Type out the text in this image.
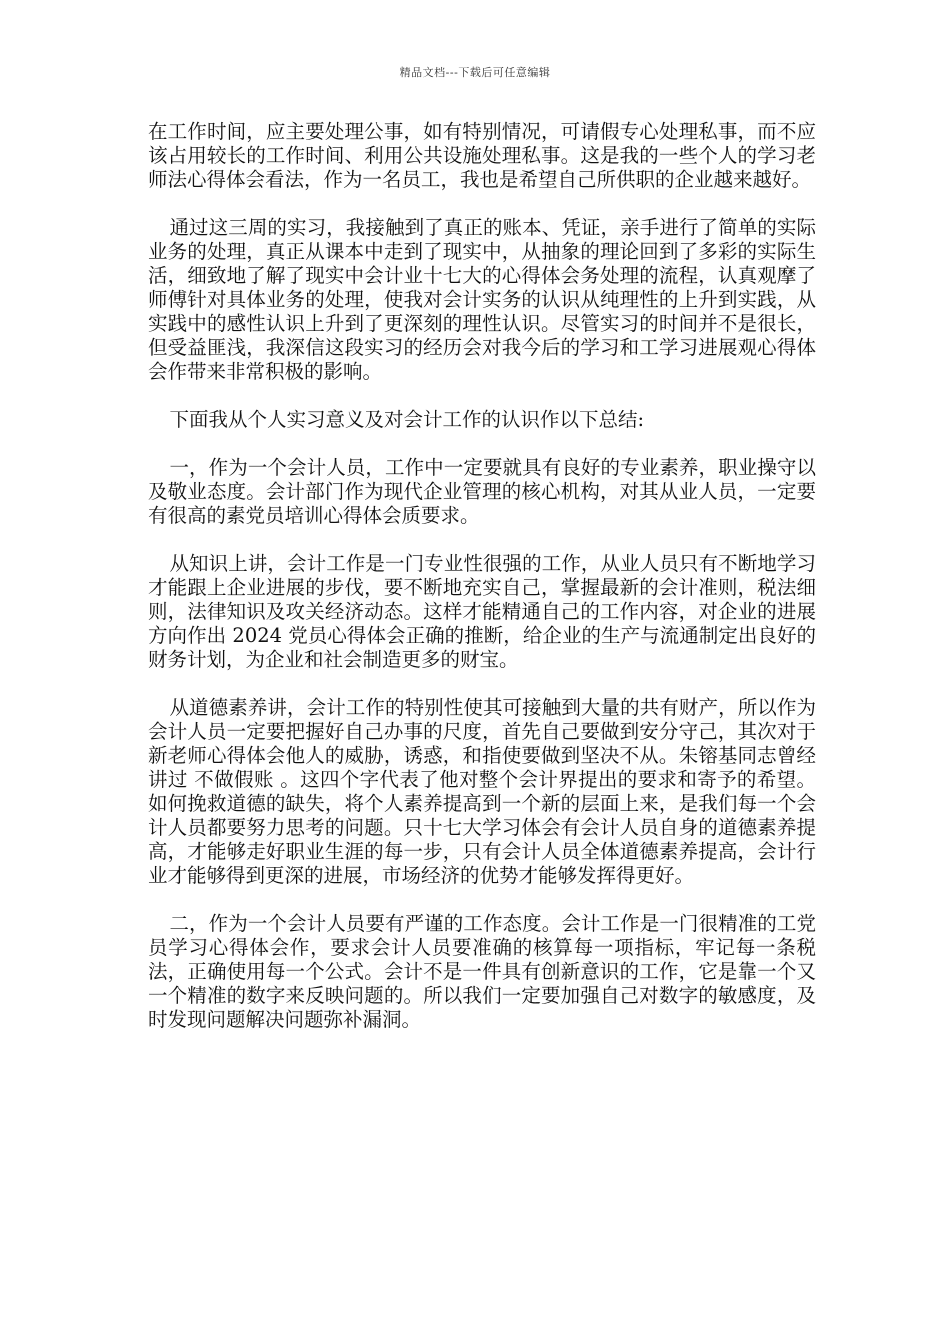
精品文档---下载后可任意编辑

在工作时间，应主要处理公事，如有特别情况，可请假专心处理私事，而不应该占用较长的工作时间、利用公共设施处理私事。这是我的一些个人的学习老师法心得体会看法，作为一名员工，我也是希望自己所供职的企业越来越好。

通过这三周的实习，我接触到了真正的账本、凭证，亲手进行了简单的实际业务的处理，真正从课本中走到了现实中，从抽象的理论回到了多彩的实际生活，细致地了解了现实中会计业十七大的心得体会务处理的流程，认真观摩了师傅针对具体业务的处理，使我对会计实务的认识从纯理性的上升到实践，从实践中的感性认识上升到了更深刻的理性认识。尽管实习的时间并不是很长，但受益匪浅，我深信这段实习的经历会对我今后的学习和工学习进展观心得体会作带来非常积极的影响。

下面我从个人实习意义及对会计工作的认识作以下总结:

一，作为一个会计人员，工作中一定要就具有良好的专业素养，职业操守以及敬业态度。会计部门作为现代企业管理的核心机构，对其从业人员，一定要有很高的素党员培训心得体会质要求。

从知识上讲，会计工作是一门专业性很强的工作，从业人员只有不断地学习才能跟上企业进展的步伐，要不断地充实自己，掌握最新的会计准则，税法细则，法律知识及攻关经济动态。这样才能精通自己的工作内容，对企业的进展方向作出 2024 党员心得体会正确的推断，给企业的生产与流通制定出良好的财务计划，为企业和社会制造更多的财宝。

从道德素养讲，会计工作的特别性使其可接触到大量的共有财产，所以作为会计人员一定要把握好自己办事的尺度，首先自己要做到安分守己，其次对于新老师心得体会他人的威胁，诱惑，和指使要做到坚决不从。朱镕基同志曾经讲过 不做假账 。这四个字代表了他对整个会计界提出的要求和寄予的希望。如何挽救道德的缺失，将个人素养提高到一个新的层面上来，是我们每一个会计人员都要努力思考的问题。只十七大学习体会有会计人员自身的道德素养提高，才能够走好职业生涯的每一步，只有会计人员全体道德素养提高，会计行业才能够得到更深的进展，市场经济的优势才能够发挥得更好。

二，作为一个会计人员要有严谨的工作态度。会计工作是一门很精准的工党员学习心得体会作，要求会计人员要准确的核算每一项指标，牢记每一条税法，正确使用每一个公式。会计不是一件具有创新意识的工作，它是靠一个又一个精准的数字来反映问题的。所以我们一定要加强自己对数字的敏感度，及时发现问题解决问题弥补漏洞。
